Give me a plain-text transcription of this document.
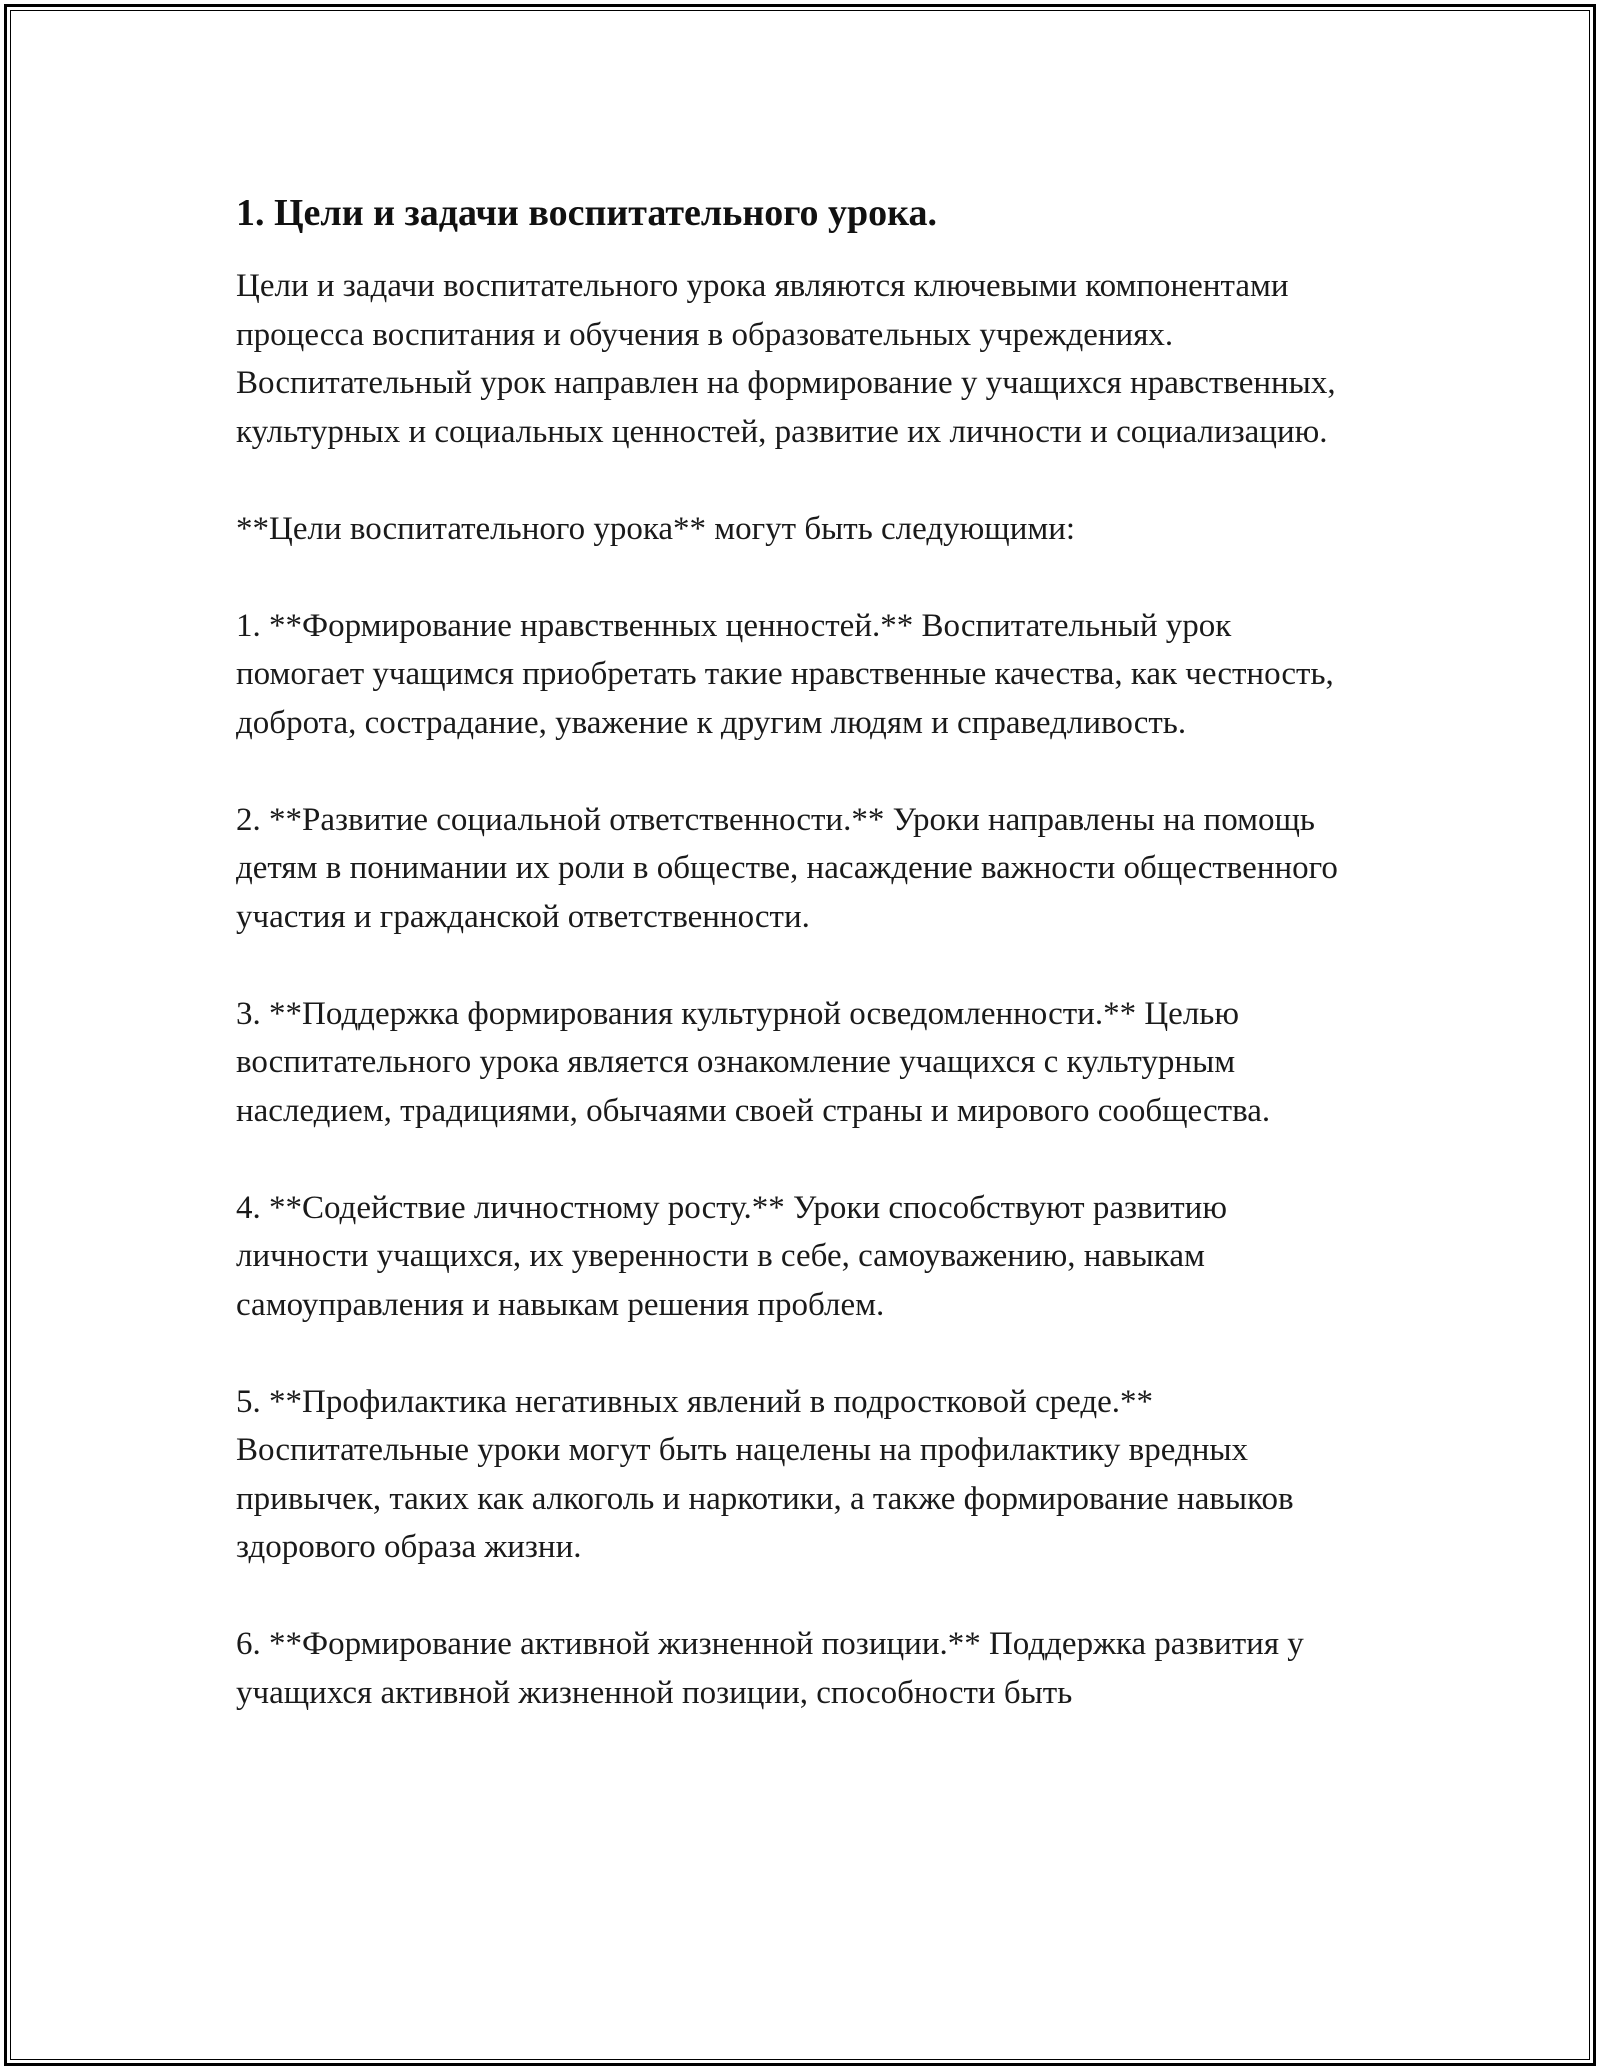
1. Цели и задачи воспитательного урока.

Цели и задачи воспитательного урока являются ключевыми компонентами процесса воспитания и обучения в образовательных учреждениях. Воспитательный урок направлен на формирование у учащихся нравственных, культурных и социальных ценностей, развитие их личности и социализацию.

**Цели воспитательного урока** могут быть следующими:

1. **Формирование нравственных ценностей.** Воспитательный урок помогает учащимся приобретать такие нравственные качества, как честность, доброта, сострадание, уважение к другим людям и справедливость.

2. **Развитие социальной ответственности.** Уроки направлены на помощь детям в понимании их роли в обществе, насаждение важности общественного участия и гражданской ответственности.

3. **Поддержка формирования культурной осведомленности.** Целью воспитательного урока является ознакомление учащихся с культурным наследием, традициями, обычаями своей страны и мирового сообщества.

4. **Содействие личностному росту.** Уроки способствуют развитию личности учащихся, их уверенности в себе, самоуважению, навыкам самоуправления и навыкам решения проблем.

5. **Профилактика негативных явлений в подростковой среде.** Воспитательные уроки могут быть нацелены на профилактику вредных привычек, таких как алкоголь и наркотики, а также формирование навыков здорового образа жизни.

6. **Формирование активной жизненной позиции.** Поддержка развития у учащихся активной жизненной позиции, способности быть
